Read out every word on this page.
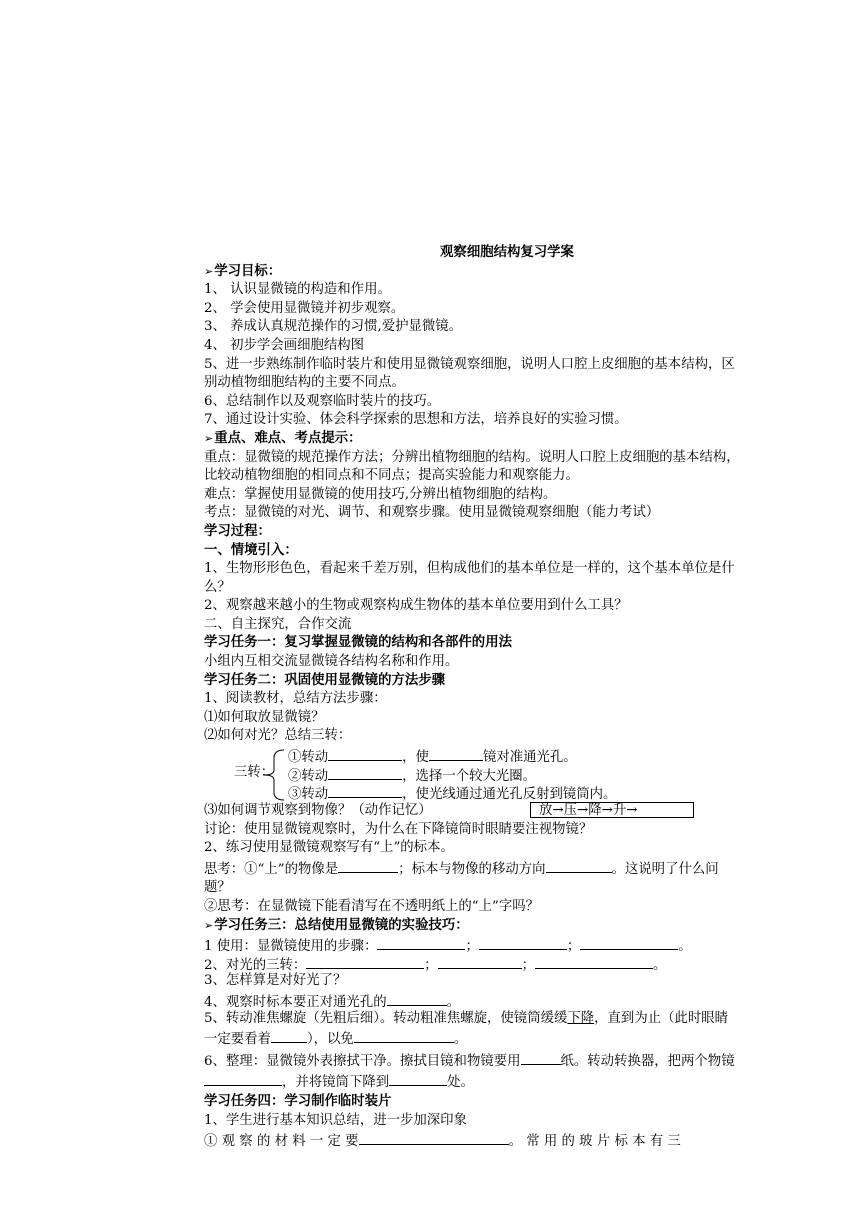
观察细胞结构复习学案
➢学习目标：
1、 认识显微镜的构造和作用。
2、 学会使用显微镜并初步观察。
3、 养成认真规范操作的习惯,爱护显微镜。
4、 初步学会画细胞结构图
5、进一步熟练制作临时装片和使用显微镜观察细胞，说明人口腔上皮细胞的基本结构，区别动植物细胞结构的主要不同点。
6、总结制作以及观察临时装片的技巧。
7、通过设计实验、体会科学探索的思想和方法，培养良好的实验习惯。
➢重点、难点、考点提示：
重点：显微镜的规范操作方法；分辨出植物细胞的结构。说明人口腔上皮细胞的基本结构，比较动植物细胞的相同点和不同点；提高实验能力和观察能力。
难点：掌握使用显微镜的使用技巧,分辨出植物细胞的结构。
考点：显微镜的对光、调节、和观察步骤。使用显微镜观察细胞（能力考试）
学习过程：
一、情境引入：
1、生物形形色色，看起来千差万别，但构成他们的基本单位是一样的，这个基本单位是什么？
2、观察越来越小的生物或观察构成生物体的基本单位要用到什么工具？
二、自主探究，合作交流
学习任务一：复习掌握显微镜的结构和各部件的用法
小组内互相交流显微镜各结构名称和作用。
学习任务二：巩固使用显微镜的方法步骤
1、阅读教材，总结方法步骤：
⑴如何取放显微镜？
⑵如何对光？总结三转：
三转：
①转动	，使	镜对准通光孔。
②转动	，选择一个较大光圈。
③转动	，使光线通过通光孔反射到镜筒内。
⑶如何调节观察到物像？（动作记忆）	放→压→降→升→
讨论：使用显微镜观察时，为什么在下降镜筒时眼睛要注视物镜？
2、练习使用显微镜观察写有“上”的标本。
思考：①“上”的物像是	；标本与物像的移动方向	。这说明了什么问题？
②思考：在显微镜下能看清写在不透明纸上的“上”字吗？
➢学习任务三：总结使用显微镜的实验技巧：
1 使用：显微镜使用的步骤：	；	；	。
2、对光的三转：	；	；	。
3、怎样算是对好光了？
4、观察时标本要正对通光孔的	。
5、转动准焦螺旋（先粗后细）。转动粗准焦螺旋，使镜筒缓缓下降，直到为止（此时眼睛一定要看着	），以免	。
6、整理：显微镜外表擦拭干净。擦拭目镜和物镜要用	纸。转动转换器，把两个物镜，并将镜筒下降到	处。
学习任务四：学习制作临时装片
1、学生进行基本知识总结，进一步加深印象
① 观 察 的 材 料 一 定 要	。 常 用 的 玻 片 标 本 有 三
